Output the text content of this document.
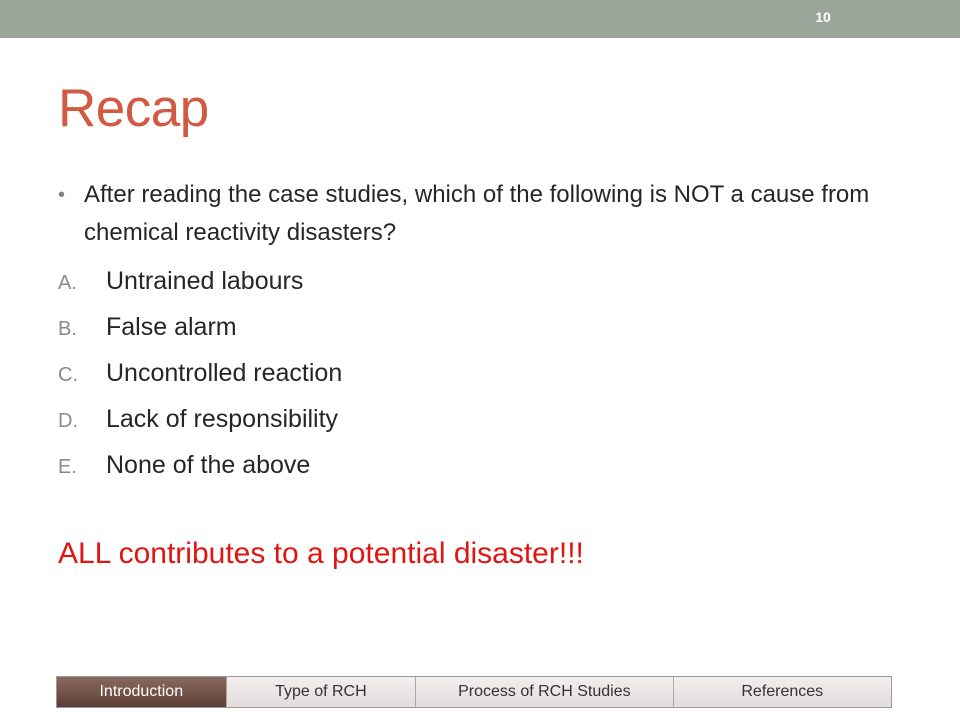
10
Recap
• After reading the case studies, which of the following is NOT a cause from chemical reactivity disasters?
A. Untrained labours
B. False alarm
C. Uncontrolled reaction
D. Lack of responsibility
E. None of the above
ALL contributes to a potential disaster!!!
Introduction	Type of RCH	Process of RCH Studies	References
